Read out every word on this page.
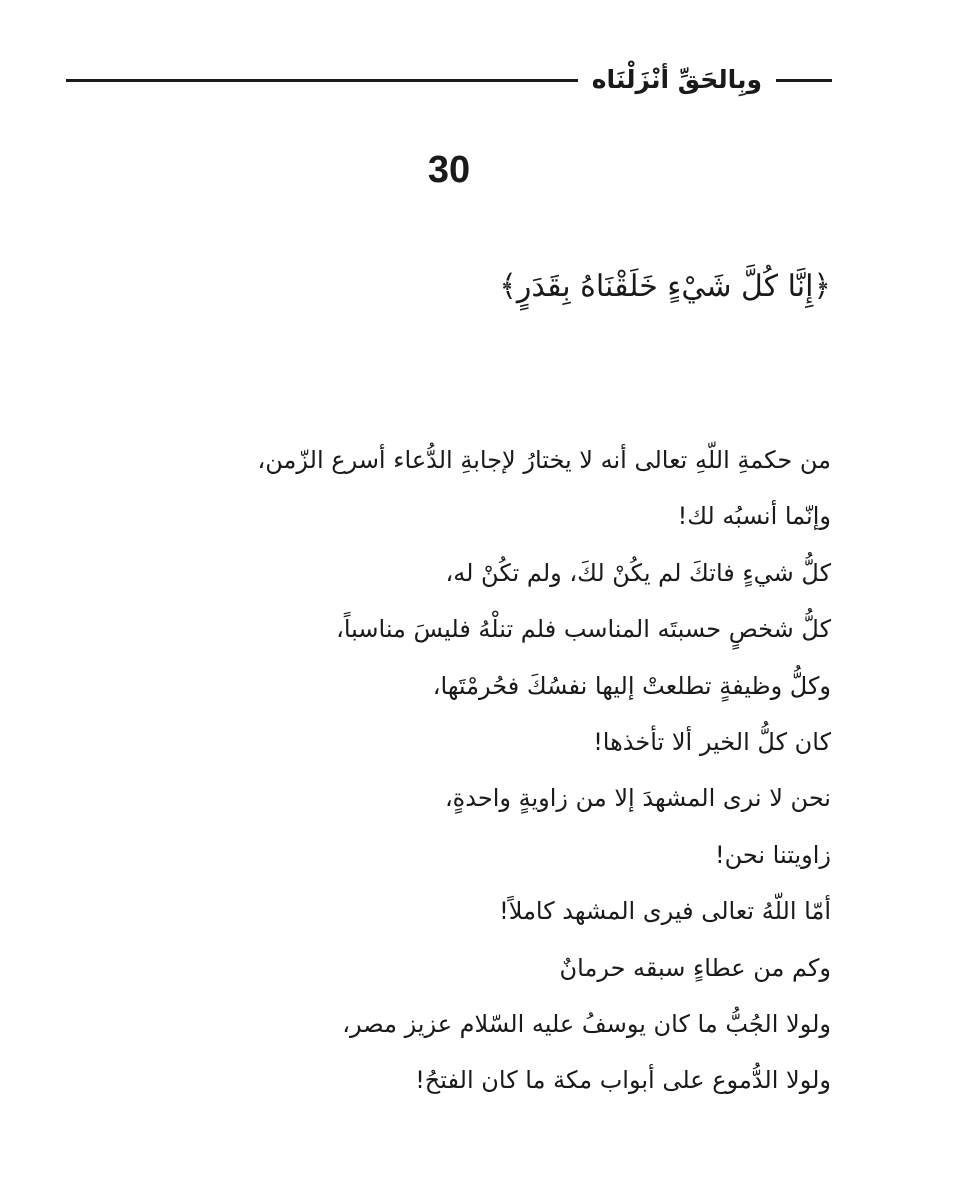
وبِالحَقِّ أنْزَلْنَاه
30
﴿إِنَّا كُلَّ شَيْءٍ خَلَقْنَاهُ بِقَدَرٍ﴾
من حكمةِ اللّهِ تعالى أنه لا يختارُ لإجابةِ الدُّعاء أسرع الزّمن،
وإنّما أنسبُه لك!
كلُّ شيءٍ فاتكَ لم يكُنْ لكَ، ولم تكُنْ له،
كلُّ شخصٍ حسبتَه المناسب فلم تنلْهُ فليسَ مناسباً،
وكلُّ وظيفةٍ تطلعتْ إليها نفسُكَ فحُرمْتَها،
كان كلُّ الخير ألا تأخذها!
نحن لا نرى المشهدَ إلا من زاويةٍ واحدةٍ،
زاويتنا نحن!
أمّا اللّهُ تعالى فيرى المشهد كاملاً!
وكم من عطاءٍ سبقه حرمانٌ
ولولا الجُبُّ ما كان يوسفُ عليه السّلام عزيز مصر،
ولولا الدُّموع على أبواب مكة ما كان الفتحُ!
